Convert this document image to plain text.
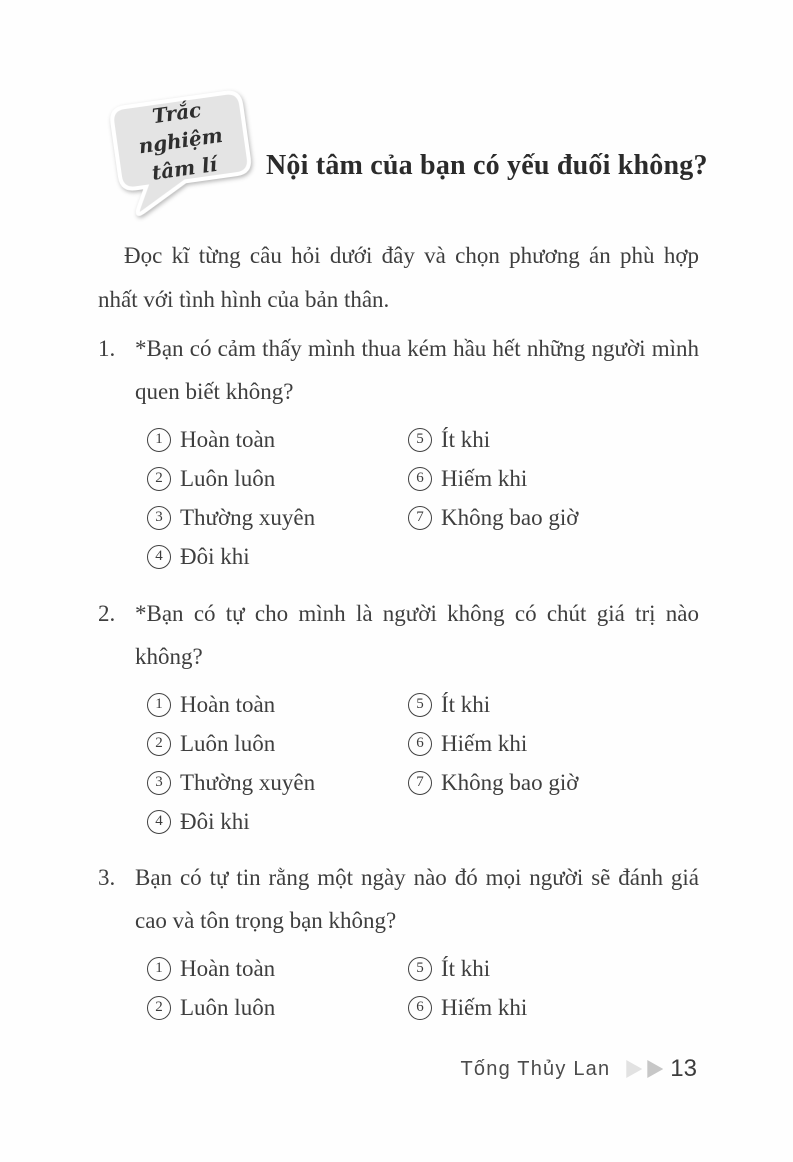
Trắc nghiệm
tâm lí Nội tâm của bạn có yếu đuối không?
Đọc kĩ từng câu hỏi dưới đây và chọn phương án phù hợp nhất với tình hình của bản thân.
1. *Bạn có cảm thấy mình thua kém hầu hết những người mình quen biết không?
1 Hoàn toàn
2 Luôn luôn
3 Thường xuyên
4 Đôi khi
5 Ít khi
6 Hiếm khi
7 Không bao giờ
2. *Bạn có tự cho mình là người không có chút giá trị nào không?
1 Hoàn toàn
2 Luôn luôn
3 Thường xuyên
4 Đôi khi
5 Ít khi
6 Hiếm khi
7 Không bao giờ
3. Bạn có tự tin rằng một ngày nào đó mọi người sẽ đánh giá cao và tôn trọng bạn không?
1 Hoàn toàn
2 Luôn luôn
5 Ít khi
6 Hiếm khi
Tống Thủy Lan	13
